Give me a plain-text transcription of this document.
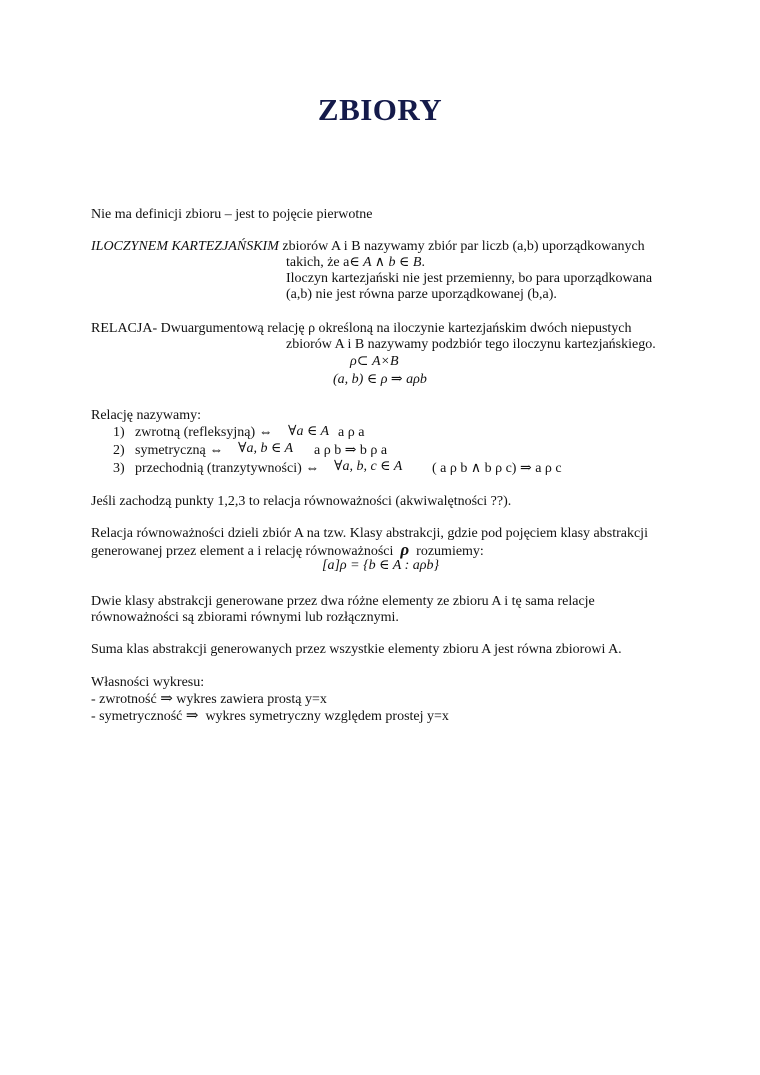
ZBIORY
Nie ma definicji zbioru – jest to pojęcie pierwotne
ILOCZYNEM KARTEZJAŃSKIM zbiorów A i B nazywamy zbiór par liczb (a,b) uporządkowanych
takich, że a∈ A ∧ b ∈ B.
Iloczyn kartezjański nie jest przemienny, bo para uporządkowana
(a,b) nie jest równa parze uporządkowanej (b,a).
RELACJA- Dwuargumentową relację ρ określoną na iloczynie kartezjańskim dwóch niepustych
zbiorów A i B nazywamy podzbiór tego iloczynu kartezjańskiego.
ρ⊂ A×B
(a, b) ∈ ρ ⇒ aρb
Relację nazywamy:
1) zwrotną (refleksyjną) ⇔ ∀a ∈ A a ρ a
2) symetryczną ⇔ ∀a, b ∈ A a ρ b ⇒ b ρ a
3) przechodnią (tranzytywności) ⇔ ∀a, b, c ∈ A ( a ρ b ∧ b ρ c) ⇒ a ρ c
Jeśli zachodzą punkty 1,2,3 to relacja równoważności (akwiwalętności ??).
Relacja równoważności dzieli zbiór A na tzw. Klasy abstrakcji, gdzie pod pojęciem klasy abstrakcji
generowanej przez element a i relację równoważności ρ rozumiemy:
[a]ρ = {b ∈ A : aρb}
Dwie klasy abstrakcji generowane przez dwa różne elementy ze zbioru A i tę sama relacje
równoważności są zbiorami równymi lub rozłącznymi.
Suma klas abstrakcji generowanych przez wszystkie elementy zbioru A jest równa zbiorowi A.
Własności wykresu:
- zwrotność ⇒ wykres zawiera prostą y=x
- symetryczność ⇒ wykres symetryczny względem prostej y=x
